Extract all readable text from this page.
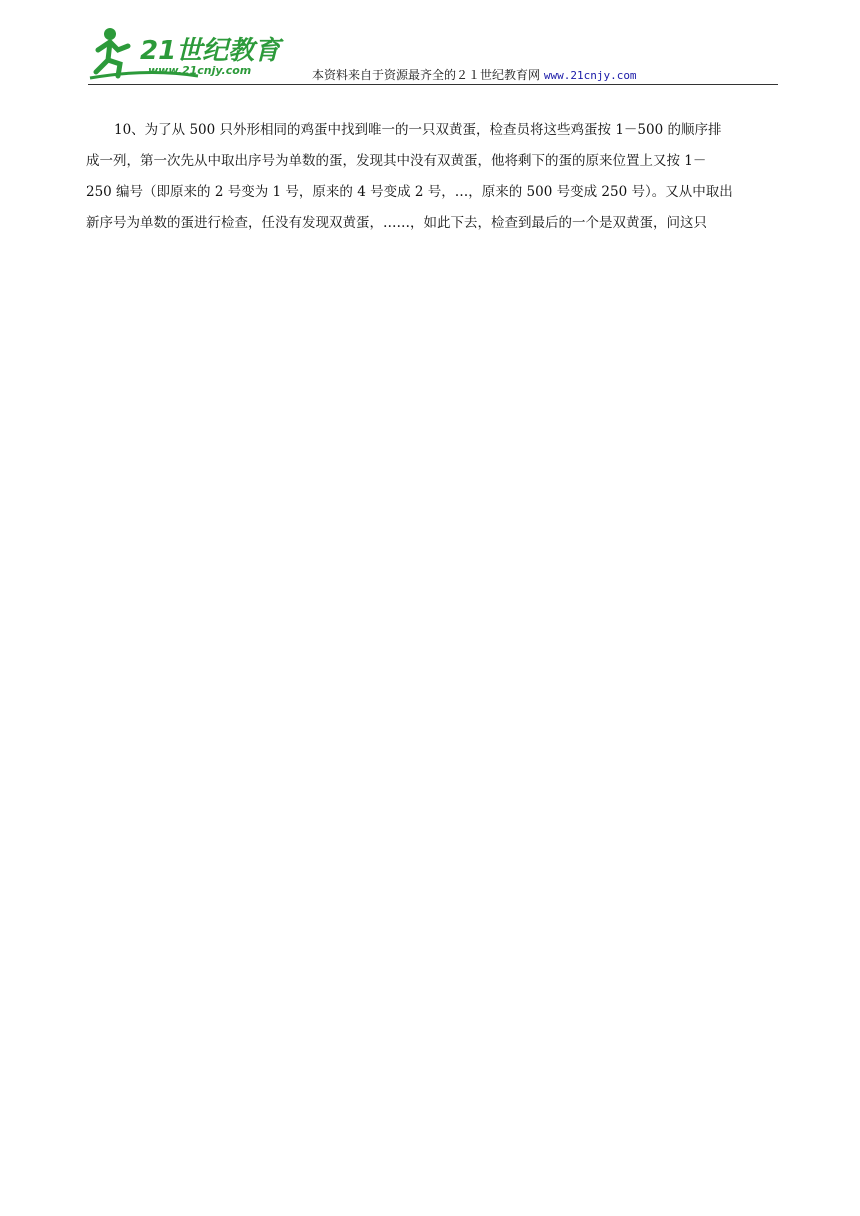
21世纪教育
www.21cnjy.com	本资料来自于资源最齐全的２１世纪教育网 www.21cnjy.com
10、为了从 500 只外形相同的鸡蛋中找到唯一的一只双黄蛋，检查员将这些鸡蛋按 1－500 的顺序排
成一列，第一次先从中取出序号为单数的蛋，发现其中没有双黄蛋，他将剩下的蛋的原来位置上又按 1－
250 编号（即原来的 2 号变为 1 号，原来的 4 号变成 2 号，…，原来的 500 号变成 250 号）。又从中取出
新序号为单数的蛋进行检查，任没有发现双黄蛋，……，如此下去，检查到最后的一个是双黄蛋，问这只
